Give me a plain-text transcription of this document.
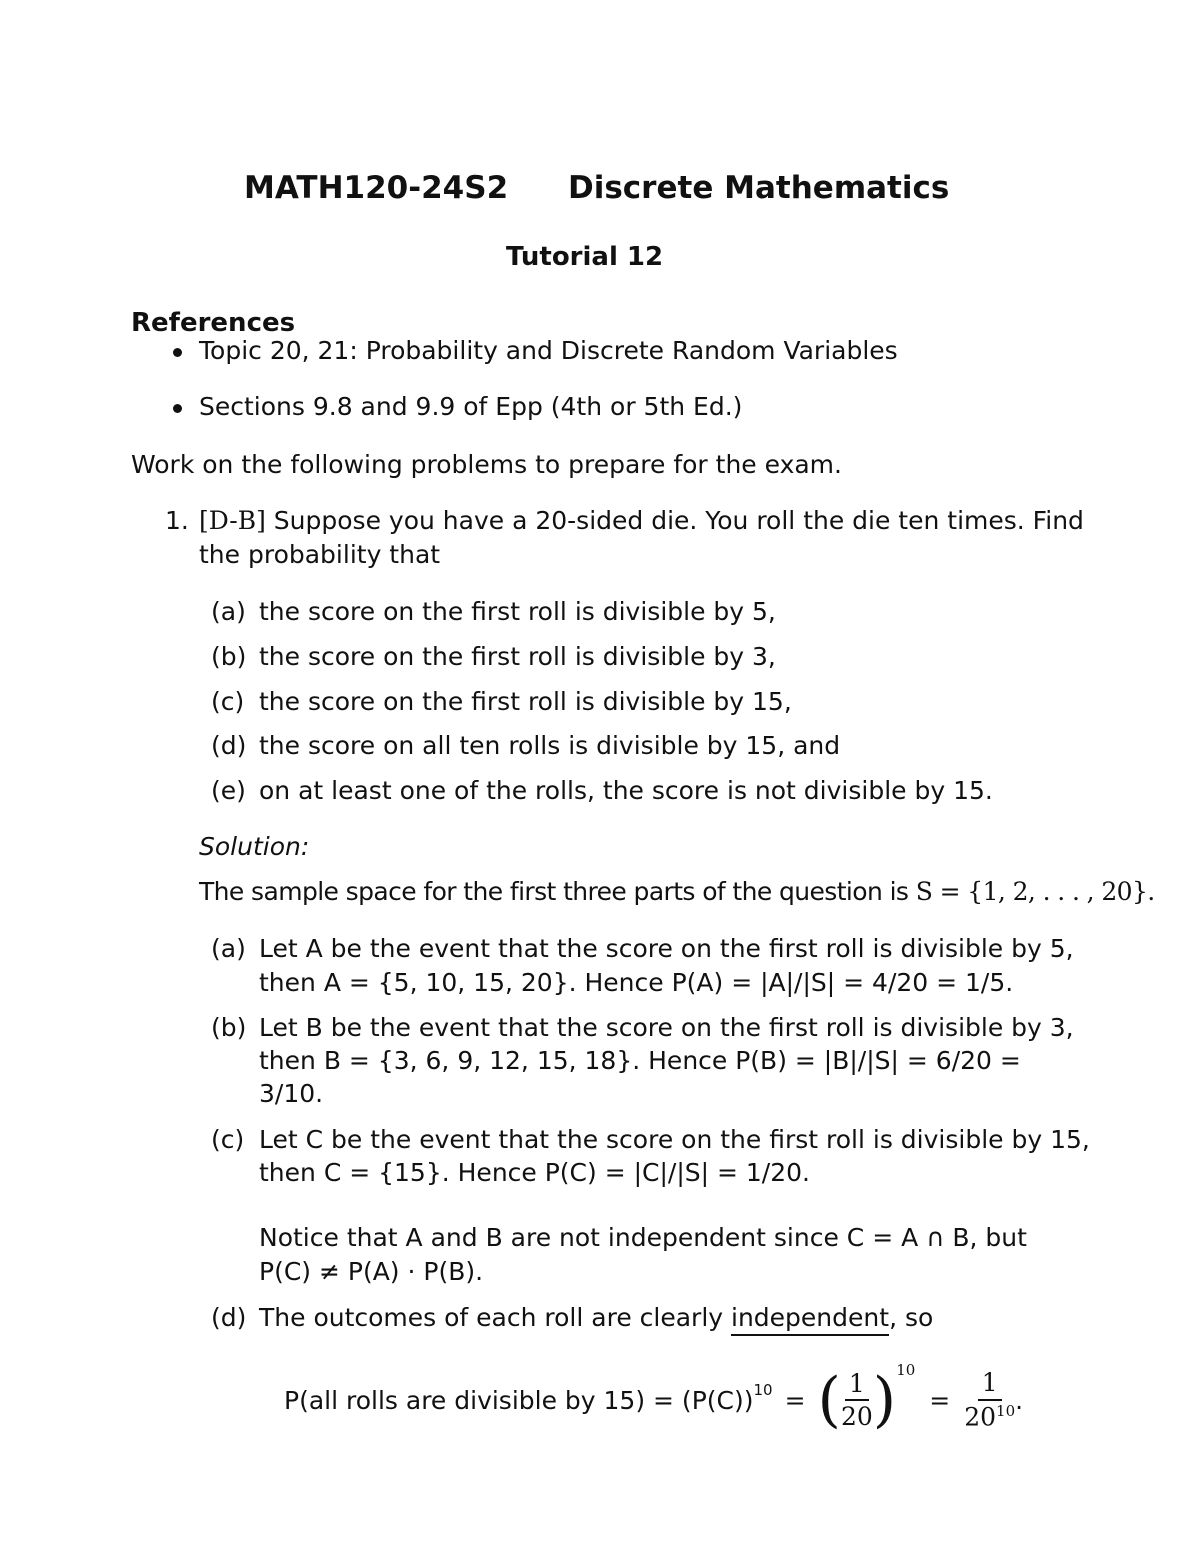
MATH120-24S2 Discrete Mathematics
Tutorial 12
References
Topic 20, 21: Probability and Discrete Random Variables
Sections 9.8 and 9.9 of Epp (4th or 5th Ed.)
Work on the following problems to prepare for the exam.
1. [D-B] Suppose you have a 20-sided die. You roll the die ten times. Find
the probability that
(a) the score on the first roll is divisible by 5,
(b) the score on the first roll is divisible by 3,
(c) the score on the first roll is divisible by 15,
(d) the score on all ten rolls is divisible by 15, and
(e) on at least one of the rolls, the score is not divisible by 15.
Solution:
The sample space for the first three parts of the question is S = {1, 2, . . . , 20}.
(a) Let A be the event that the score on the first roll is divisible by 5,
then A = {5, 10, 15, 20}. Hence P(A) = |A|/|S| = 4/20 = 1/5.
(b) Let B be the event that the score on the first roll is divisible by 3,
then B = {3, 6, 9, 12, 15, 18}. Hence P(B) = |B|/|S| = 6/20 =
3/10.
(c) Let C be the event that the score on the first roll is divisible by 15,
then C = {15}. Hence P(C) = |C|/|S| = 1/20.
Notice that A and B are not independent since C = A ∩ B, but
P(C) ≠ P(A) · P(B).
(d) The outcomes of each roll are clearly independent, so
P(all rolls are divisible by $15) = (P(C))^{10}$ = ( $\frac{1}{20} )^{10}$
= $\frac{1}{20^{10}}$ .
